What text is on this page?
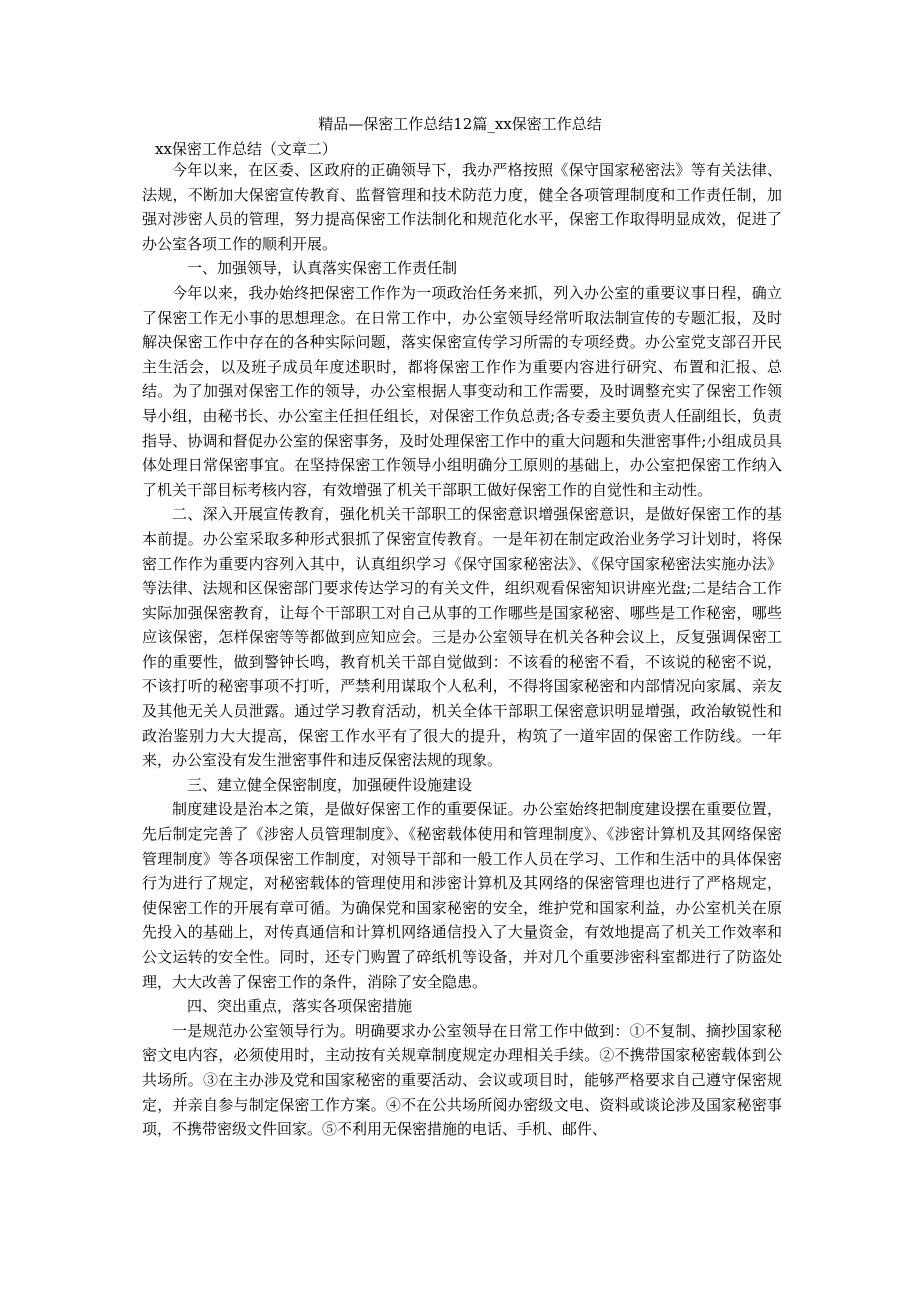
精品—保密工作总结12篇_xx保密工作总结
xx保密工作总结（文章二）

今年以来，在区委、区政府的正确领导下，我办严格按照《保守国家秘密法》等有关法律、法规，不断加大保密宣传教育、监督管理和技术防范力度，健全各项管理制度和工作责任制，加强对涉密人员的管理，努力提高保密工作法制化和规范化水平，保密工作取得明显成效，促进了办公室各项工作的顺利开展。

一、加强领导，认真落实保密工作责任制

今年以来，我办始终把保密工作作为一项政治任务来抓，列入办公室的重要议事日程，确立了保密工作无小事的思想理念。在日常工作中，办公室领导经常听取法制宣传的专题汇报，及时解决保密工作中存在的各种实际问题，落实保密宣传学习所需的专项经费。办公室党支部召开民主生活会，以及班子成员年度述职时，都将保密工作作为重要内容进行研究、布置和汇报、总结。为了加强对保密工作的领导，办公室根据人事变动和工作需要，及时调整充实了保密工作领导小组，由秘书长、办公室主任担任组长，对保密工作负总责;各专委主要负责人任副组长，负责指导、协调和督促办公室的保密事务，及时处理保密工作中的重大问题和失泄密事件;小组成员具体处理日常保密事宜。在坚持保密工作领导小组明确分工原则的基础上，办公室把保密工作纳入了机关干部目标考核内容，有效增强了机关干部职工做好保密工作的自觉性和主动性。

二、深入开展宣传教育，强化机关干部职工的保密意识增强保密意识，是做好保密工作的基本前提。办公室采取多种形式狠抓了保密宣传教育。一是年初在制定政治业务学习计划时，将保密工作作为重要内容列入其中，认真组织学习《保守国家秘密法》、《保守国家秘密法实施办法》等法律、法规和区保密部门要求传达学习的有关文件，组织观看保密知识讲座光盘;二是结合工作实际加强保密教育，让每个干部职工对自己从事的工作哪些是国家秘密、哪些是工作秘密，哪些应该保密，怎样保密等等都做到应知应会。三是办公室领导在机关各种会议上，反复强调保密工作的重要性，做到警钟长鸣，教育机关干部自觉做到：不该看的秘密不看，不该说的秘密不说，不该打听的秘密事项不打听，严禁利用谋取个人私利，不得将国家秘密和内部情况向家属、亲友及其他无关人员泄露。通过学习教育活动，机关全体干部职工保密意识明显增强，政治敏锐性和政治鉴别力大大提高，保密工作水平有了很大的提升，构筑了一道牢固的保密工作防线。一年来，办公室没有发生泄密事件和违反保密法规的现象。

三、建立健全保密制度，加强硬件设施建设

制度建设是治本之策，是做好保密工作的重要保证。办公室始终把制度建设摆在重要位置，先后制定完善了《涉密人员管理制度》、《秘密载体使用和管理制度》、《涉密计算机及其网络保密管理制度》等各项保密工作制度，对领导干部和一般工作人员在学习、工作和生活中的具体保密行为进行了规定，对秘密载体的管理使用和涉密计算机及其网络的保密管理也进行了严格规定，使保密工作的开展有章可循。为确保党和国家秘密的安全，维护党和国家利益，办公室机关在原先投入的基础上，对传真通信和计算机网络通信投入了大量资金，有效地提高了机关工作效率和公文运转的安全性。同时，还专门购置了碎纸机等设备，并对几个重要涉密科室都进行了防盗处理，大大改善了保密工作的条件，消除了安全隐患。

四、突出重点，落实各项保密措施

一是规范办公室领导行为。明确要求办公室领导在日常工作中做到：①不复制、摘抄国家秘密文电内容，必须使用时，主动按有关规章制度规定办理相关手续。②不携带国家秘密载体到公共场所。③在主办涉及党和国家秘密的重要活动、会议或项目时，能够严格要求自己遵守保密规定，并亲自参与制定保密工作方案。④不在公共场所阅办密级文电、资料或谈论涉及国家秘密事项，不携带密级文件回家。⑤不利用无保密措施的电话、手机、邮件、
